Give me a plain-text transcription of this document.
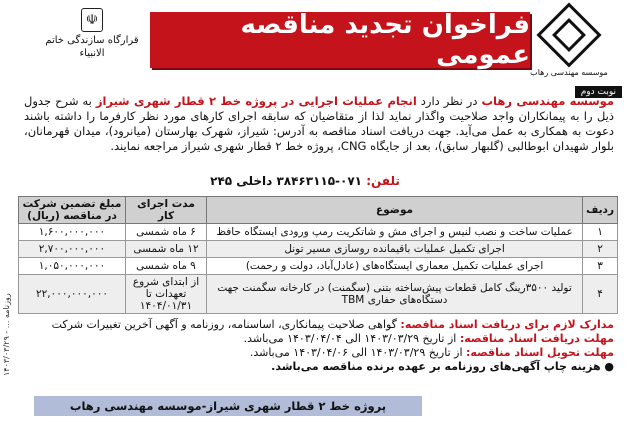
موسسه مهندسی رهاب
فراخوان تجدید مناقصه عمومی
☫
قرارگاه سازندگی خاتم الانبیاء
نوبت دوم
موسسه مهندسی رهاب در نظر دارد انجام عملیات اجرایی در پروژه خط ۲ قطار شهری شیراز به شرح جدول ذیل را به پیمانکاران واجد صلاحیت واگذار نماید لذا از متقاضیان که سابقه اجرای کارهای مورد نظر کارفرما را داشته باشند دعوت به همکاری به عمل می‌آید. جهت دریافت اسناد مناقصه به آدرس: شیراز، شهرک بهارستان (میانرود)، میدان قهرمانان، بلوار شهیدان ابوطالبی (گلبهار سابق)، بعد از جایگاه CNG، پروژه خط ۲ قطار شهری شیراز مراجعه نمایند.
تلفن: ۰۷۱-۳۸۴۶۳۱۱۵ داخلی ۲۴۵
ردیف	موضوع	مدت اجرای کار	مبلغ تضمین شرکت در مناقصه (ریال)
۱	عملیات ساخت و نصب لنیس و اجرای مش و شاتکریت رمپ ورودی ایستگاه حافظ	۶ ماه شمسی	۱,۶۰۰,۰۰۰,۰۰۰
۲	اجرای تکمیل عملیات باقیمانده روسازی مسیر تونل	۱۲ ماه شمسی	۲,۷۰۰,۰۰۰,۰۰۰
۳	اجرای عملیات تکمیل معماری ایستگاه‌های (عادل‌آباد، دولت و رحمت)	۹ ماه شمسی	۱,۰۵۰,۰۰۰,۰۰۰
۴	تولید ۳۵۰۰رینگ کامل قطعات پیش‌ساخته بتنی (سگمنت) در کارخانه سگمنت جهت دستگاه‌های حفاری TBM	از ابتدای شروع تعهدات تا ۱۴۰۴/۰۱/۳۱	۲۲,۰۰۰,۰۰۰,۰۰۰
مدارک لازم برای دریافت اسناد مناقصه: گواهی صلاحیت پیمانکاری، اساسنامه، روزنامه و آگهی آخرین تغییرات شرکت
مهلت دریافت اسناد مناقصه: از تاریخ ۱۴۰۳/۰۳/۲۹ الی ۱۴۰۳/۰۴/۰۴ می‌باشد.
مهلت تحویل اسناد مناقصه: از تاریخ ۱۴۰۳/۰۳/۲۹ الی ۱۴۰۳/۰۴/۰۶ می‌باشد.
● هزینه چاپ آگهی‌های روزنامه بر عهده برنده مناقصه می‌باشد.
پروژه خط ۲ قطار شهری شیراز-موسسه مهندسی رهاب
روزنامه ... - ۱۴۰۳/۰۳/۲۹
